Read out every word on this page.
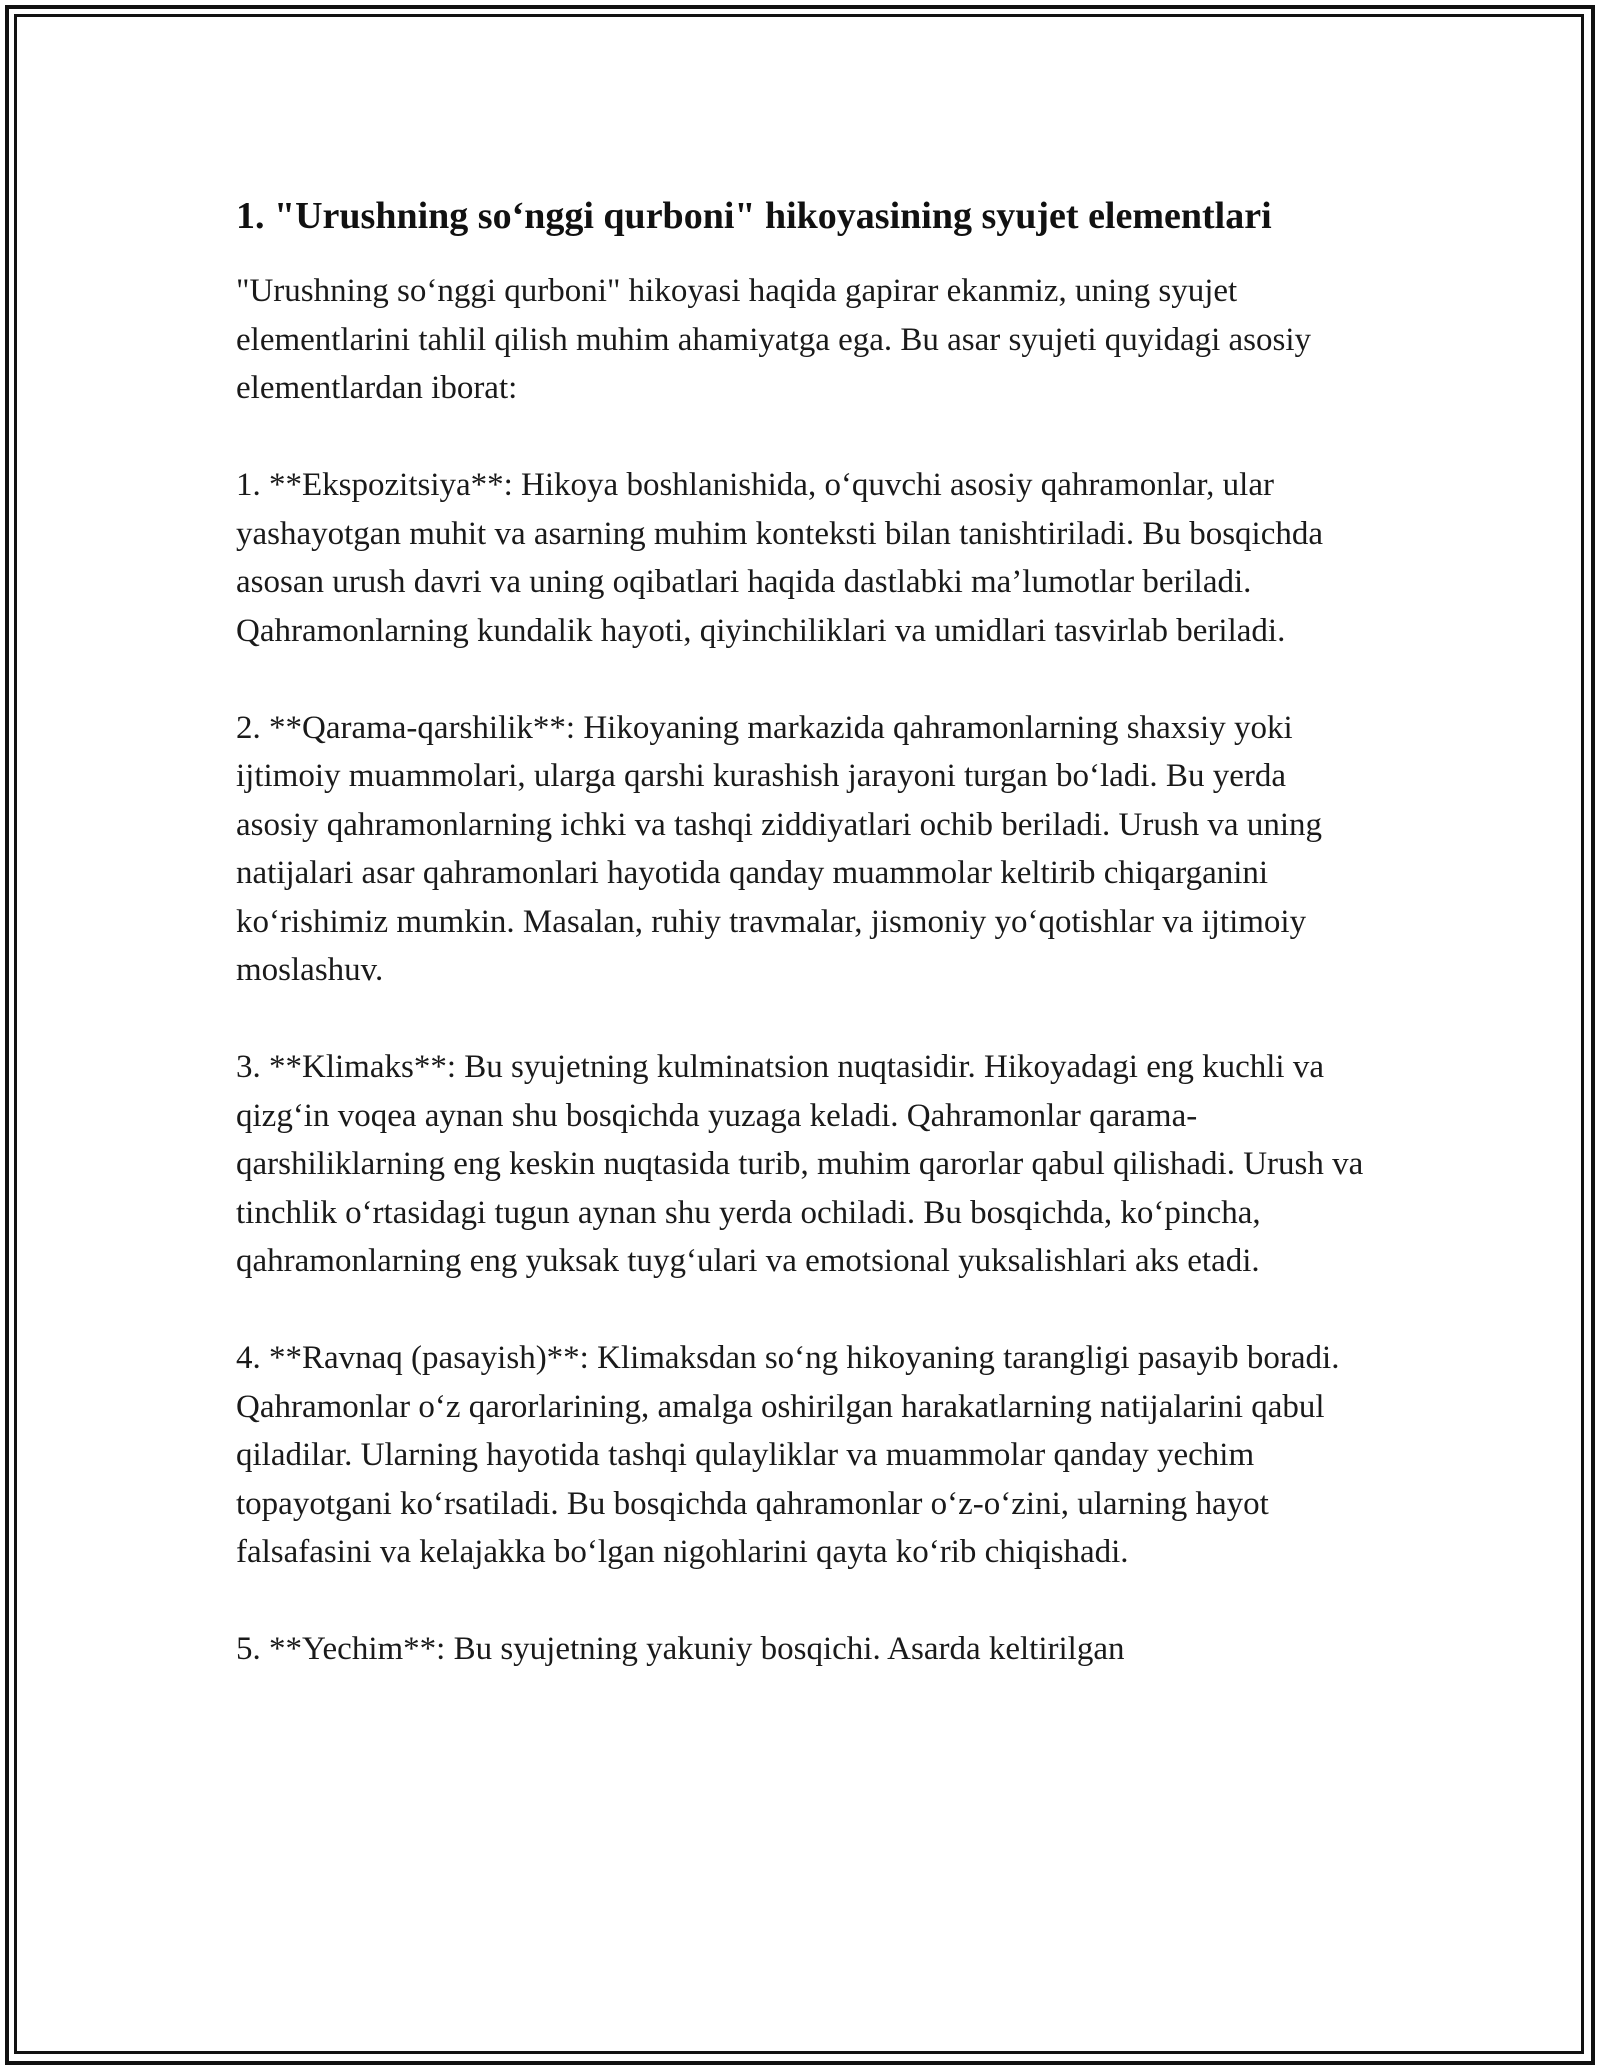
1. "Urushning so‘nggi qurboni" hikoyasining syujet elementlari

"Urushning so‘nggi qurboni" hikoyasi haqida gapirar ekanmiz, uning syujet elementlarini tahlil qilish muhim ahamiyatga ega. Bu asar syujeti quyidagi asosiy elementlardan iborat:

1. **Ekspozitsiya**: Hikoya boshlanishida, o‘quvchi asosiy qahramonlar, ular yashayotgan muhit va asarning muhim konteksti bilan tanishtiriladi. Bu bosqichda asosan urush davri va uning oqibatlari haqida dastlabki ma’lumotlar beriladi. Qahramonlarning kundalik hayoti, qiyinchiliklari va umidlari tasvirlab beriladi.

2. **Qarama-qarshilik**: Hikoyaning markazida qahramonlarning shaxsiy yoki ijtimoiy muammolari, ularga qarshi kurashish jarayoni turgan bo‘ladi. Bu yerda asosiy qahramonlarning ichki va tashqi ziddiyatlari ochib beriladi. Urush va uning natijalari asar qahramonlari hayotida qanday muammolar keltirib chiqarganini ko‘rishimiz mumkin. Masalan, ruhiy travmalar, jismoniy yo‘qotishlar va ijtimoiy moslashuv.

3. **Klimaks**: Bu syujetning kulminatsion nuqtasidir. Hikoyadagi eng kuchli va qizg‘in voqea aynan shu bosqichda yuzaga keladi. Qahramonlar qarama-qarshiliklarning eng keskin nuqtasida turib, muhim qarorlar qabul qilishadi. Urush va tinchlik o‘rtasidagi tugun aynan shu yerda ochiladi. Bu bosqichda, ko‘pincha, qahramonlarning eng yuksak tuyg‘ulari va emotsional yuksalishlari aks etadi.

4. **Ravnaq (pasayish)**: Klimaksdan so‘ng hikoyaning tarangligi pasayib boradi. Qahramonlar o‘z qarorlarining, amalga oshirilgan harakatlarning natijalarini qabul qiladilar. Ularning hayotida tashqi qulayliklar va muammolar qanday yechim topayotgani ko‘rsatiladi. Bu bosqichda qahramonlar o‘z-o‘zini, ularning hayot falsafasini va kelajakka bo‘lgan nigohlarini qayta ko‘rib chiqishadi.

5. **Yechim**: Bu syujetning yakuniy bosqichi. Asarda keltirilgan
